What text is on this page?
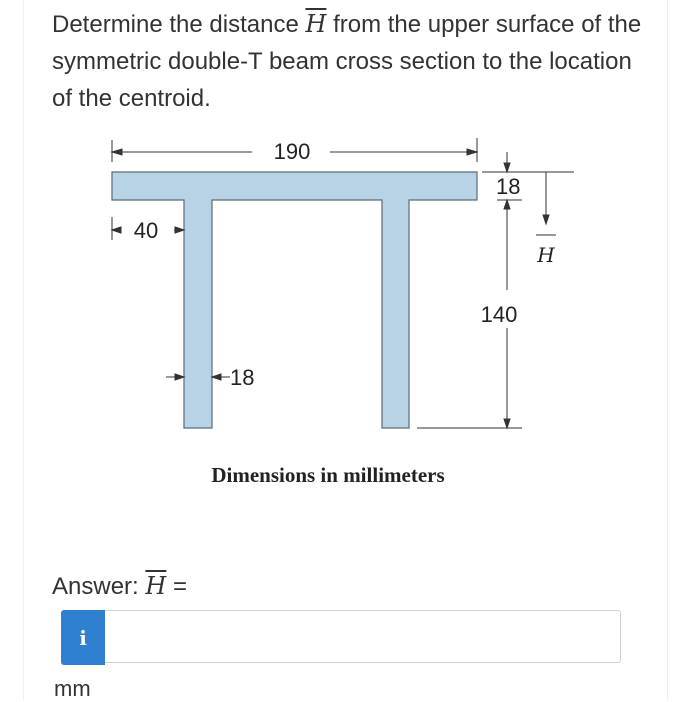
Determine the distance $\overline{H}$ from the upper surface of the symmetric double-T beam cross section to the location of the centroid.
190
18
140
H
40
18
Dimensions in millimeters
Answer: $\overline{H}$ =
i
mm
